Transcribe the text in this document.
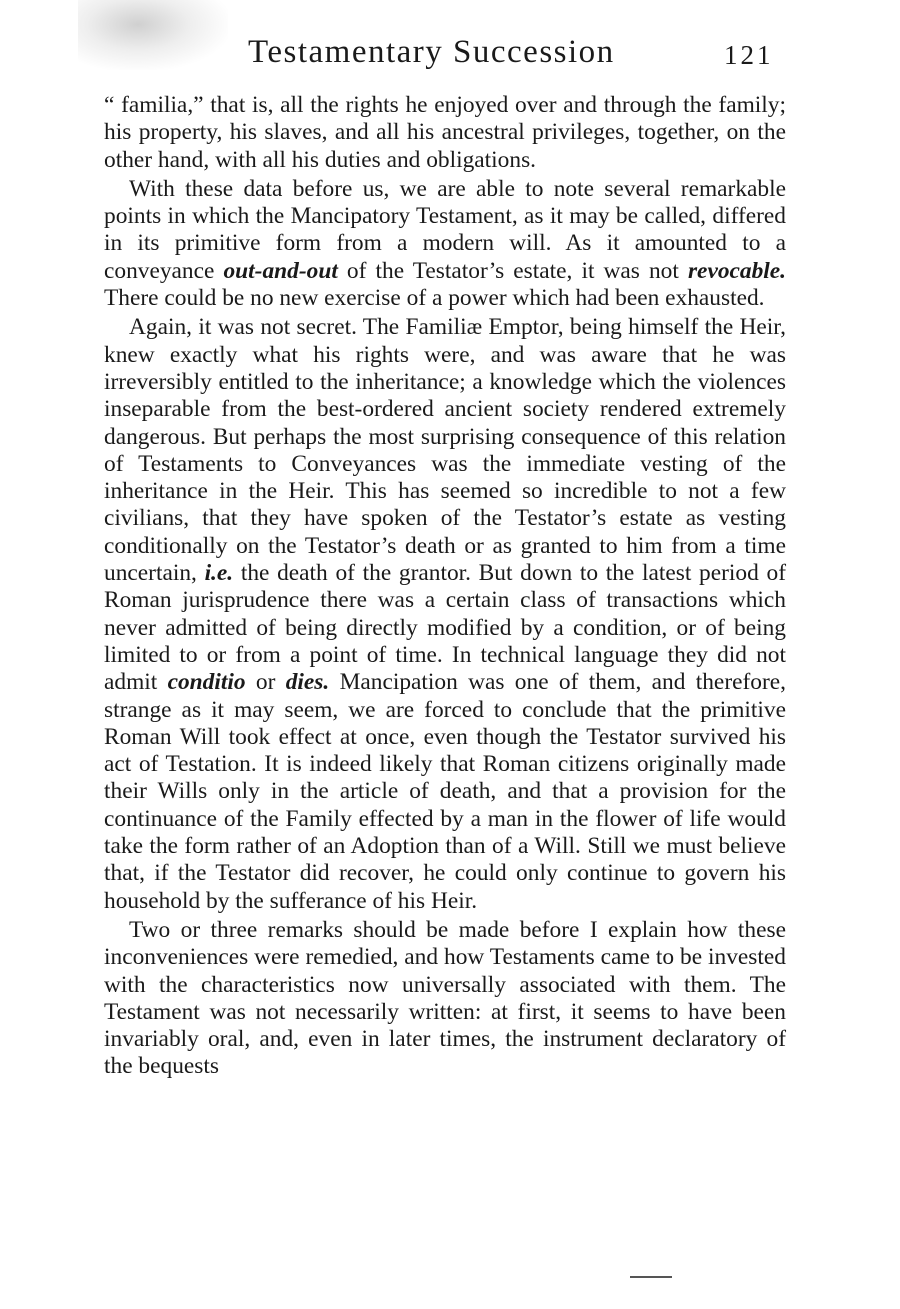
Testamentary Succession	121

“ familia,” that is, all the rights he enjoyed over and through the family; his property, his slaves, and all his ancestral privileges, together, on the other hand, with all his duties and obligations.

With these data before us, we are able to note several remarkable points in which the Mancipatory Testament, as it may be called, differed in its primitive form from a modern will. As it amounted to a conveyance out-and-out of the Testator’s estate, it was not revocable. There could be no new exercise of a power which had been exhausted.

Again, it was not secret. The Familiæ Emptor, being himself the Heir, knew exactly what his rights were, and was aware that he was irreversibly entitled to the inheritance; a knowledge which the violences inseparable from the best-ordered ancient society rendered extremely dangerous. But perhaps the most surprising consequence of this relation of Testaments to Conveyances was the immediate vesting of the inheritance in the Heir. This has seemed so incredible to not a few civilians, that they have spoken of the Testator’s estate as vesting conditionally on the Testator’s death or as granted to him from a time uncertain, i.e. the death of the grantor. But down to the latest period of Roman jurisprudence there was a certain class of transactions which never admitted of being directly modified by a condition, or of being limited to or from a point of time. In technical language they did not admit conditio or dies. Mancipation was one of them, and therefore, strange as it may seem, we are forced to conclude that the primitive Roman Will took effect at once, even though the Testator survived his act of Testation. It is indeed likely that Roman citizens originally made their Wills only in the article of death, and that a provision for the continuance of the Family effected by a man in the flower of life would take the form rather of an Adoption than of a Will. Still we must believe that, if the Testator did recover, he could only continue to govern his household by the sufferance of his Heir.

Two or three remarks should be made before I explain how these inconveniences were remedied, and how Testaments came to be invested with the characteristics now universally associated with them. The Testament was not necessarily written: at first, it seems to have been invariably oral, and, even in later times, the instrument declaratory of the bequests
